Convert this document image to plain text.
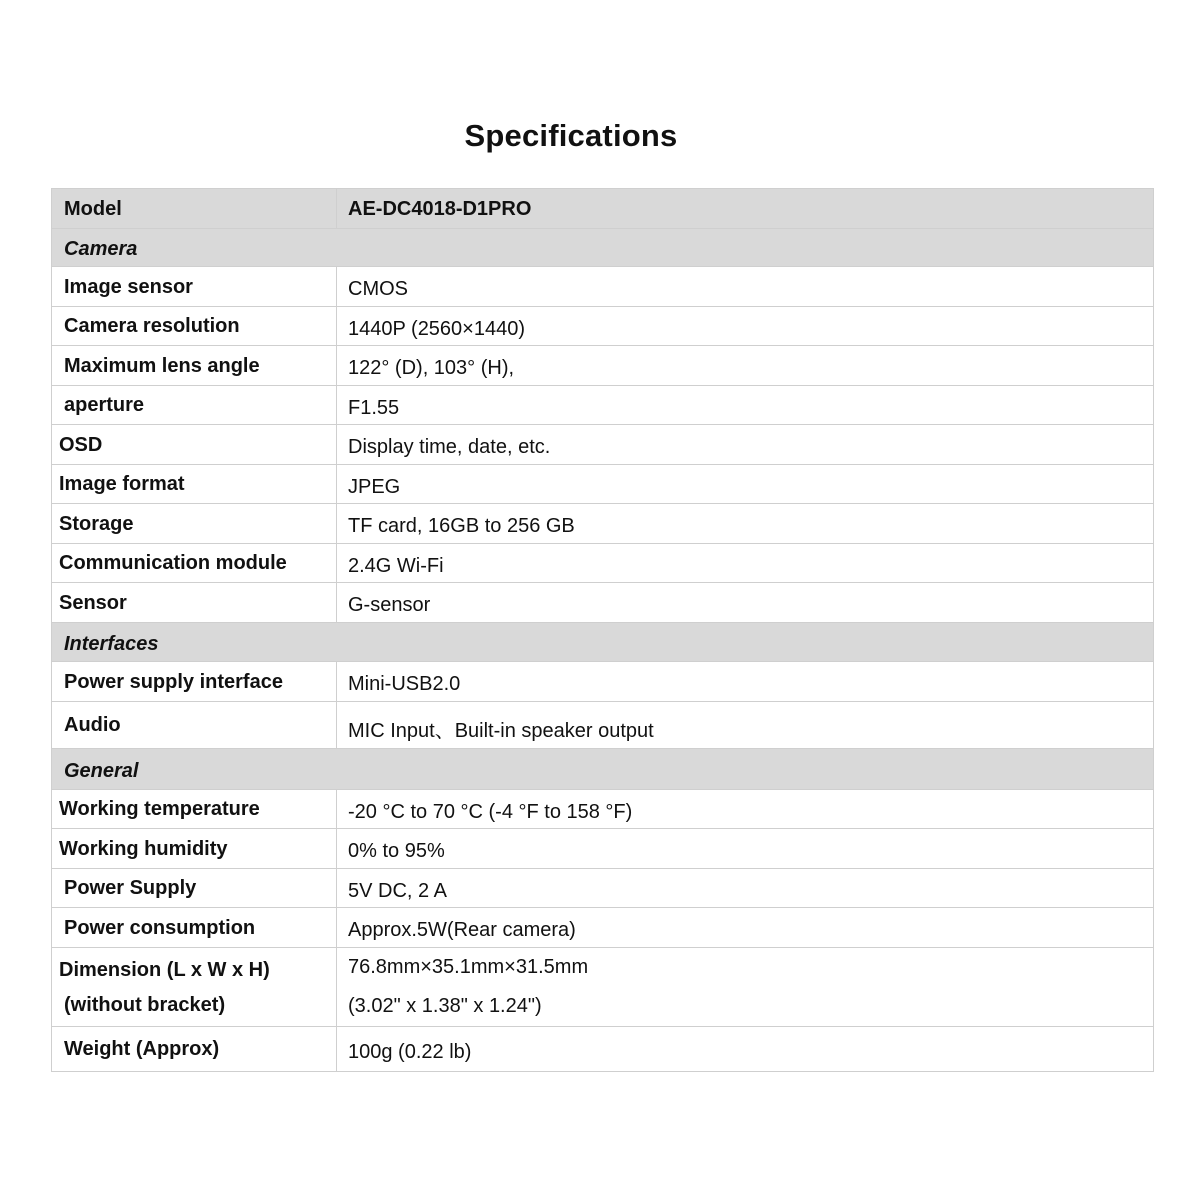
Specifications
Model	AE-DC4018-D1PRO

Camera	

Image sensor	CMOS

Camera resolution	1440P (2560×1440)

Maximum lens angle	122° (D), 103° (H),

aperture	F1.55

OSD	Display time, date, etc.

Image format	JPEG

Storage	TF card, 16GB to 256 GB

Communication module	2.4G Wi-Fi

Sensor	G-sensor

Interfaces	

Power supply interface	Mini-USB2.0

Audio	MIC Input、Built-in speaker output

General	

Working temperature	-20 °C to 70 °C (-4 °F to 158 °F)

Working humidity	0% to 95%

Power Supply	5V DC, 2 A

Power consumption	Approx.5W(Rear camera)

Dimension (L x W x H)
(without bracket)	76.8mm×35.1mm×31.5mm
(3.02" x 1.38" x 1.24")

Weight (Approx)	100g (0.22 lb)
